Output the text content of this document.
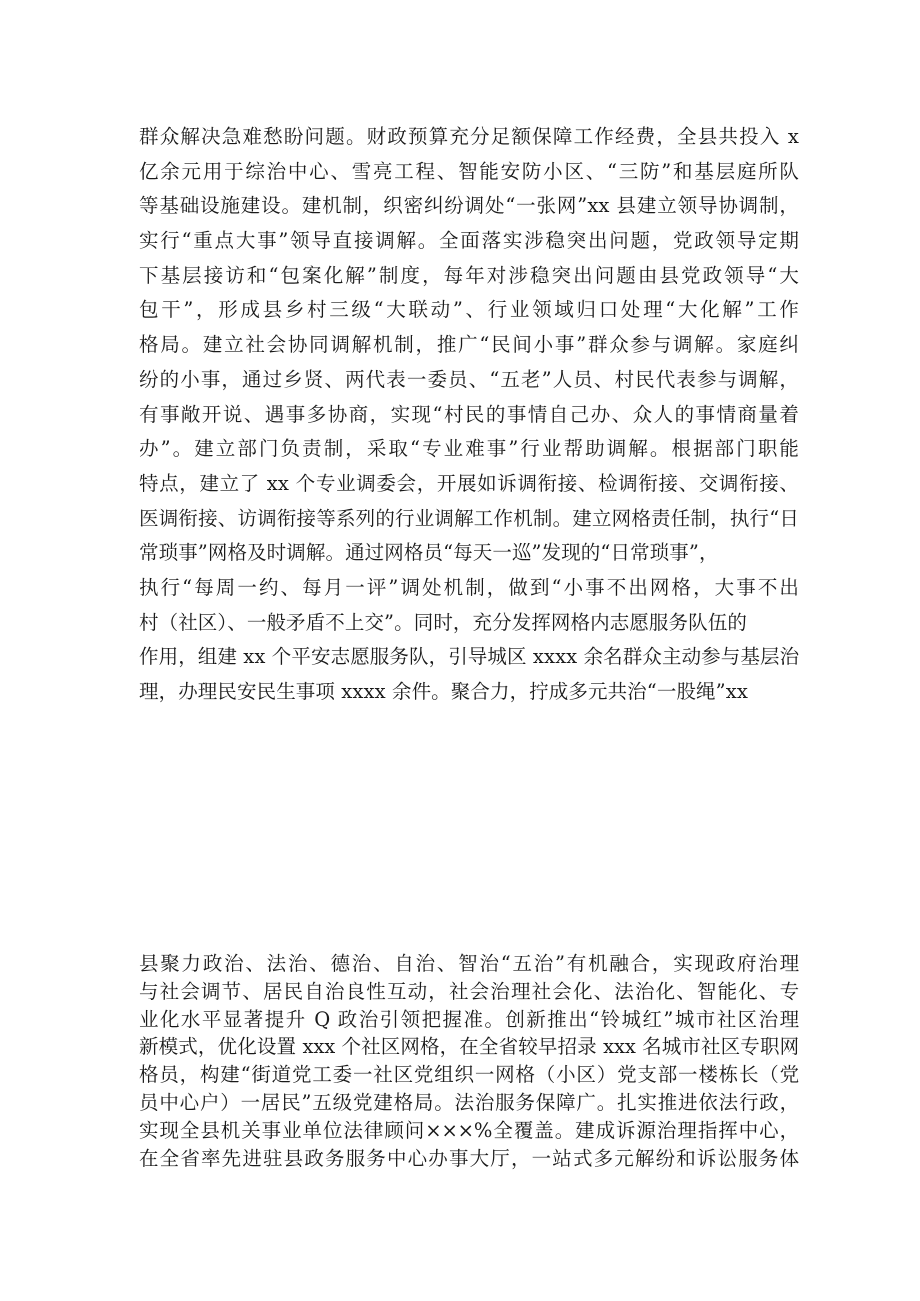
群众解决急难愁盼问题。财政预算充分足额保障工作经费，全县共投入 x
亿余元用于综治中心、雪亮工程、智能安防小区、“三防”和基层庭所队
等基础设施建设。建机制，织密纠纷调处“一张网”xx 县建立领导协调制，
实行“重点大事”领导直接调解。全面落实涉稳突出问题，党政领导定期
下基层接访和“包案化解”制度，每年对涉稳突出问题由县党政领导“大
包干”，形成县乡村三级“大联动”、行业领域归口处理“大化解”工作
格局。建立社会协同调解机制，推广“民间小事”群众参与调解。家庭纠
纷的小事，通过乡贤、两代表一委员、“五老”人员、村民代表参与调解，
有事敞开说、遇事多协商，实现“村民的事情自己办、众人的事情商量着
办”。建立部门负责制，采取“专业难事”行业帮助调解。根据部门职能
特点，建立了 xx 个专业调委会，开展如诉调衔接、检调衔接、交调衔接、
医调衔接、访调衔接等系列的行业调解工作机制。建立网格责任制，执行“日
常琐事”网格及时调解。通过网格员“每天一巡”发现的“日常琐事”，
执行“每周一约、每月一评”调处机制，做到“小事不出网格，大事不出
村（社区）、一般矛盾不上交”。同时，充分发挥网格内志愿服务队伍的
作用，组建 xx 个平安志愿服务队，引导城区 xxxx 余名群众主动参与基层治
理，办理民安民生事项 xxxx 余件。聚合力，拧成多元共治“一股绳”xx
县聚力政治、法治、德治、自治、智治“五治”有机融合，实现政府治理
与社会调节、居民自治良性互动，社会治理社会化、法治化、智能化、专
业化水平显著提升 Q 政治引领把握准。创新推出“铃城红”城市社区治理
新模式，优化设置 xxx 个社区网格，在全省较早招录 xxx 名城市社区专职网
格员，构建“街道党工委一社区党组织一网格（小区）党支部一楼栋长（党
员中心户）一居民”五级党建格局。法治服务保障广。扎实推进依法行政，
实现全县机关事业单位法律顾问×××%全覆盖。建成诉源治理指挥中心，
在全省率先进驻县政务服务中心办事大厅，一站式多元解纷和诉讼服务体
